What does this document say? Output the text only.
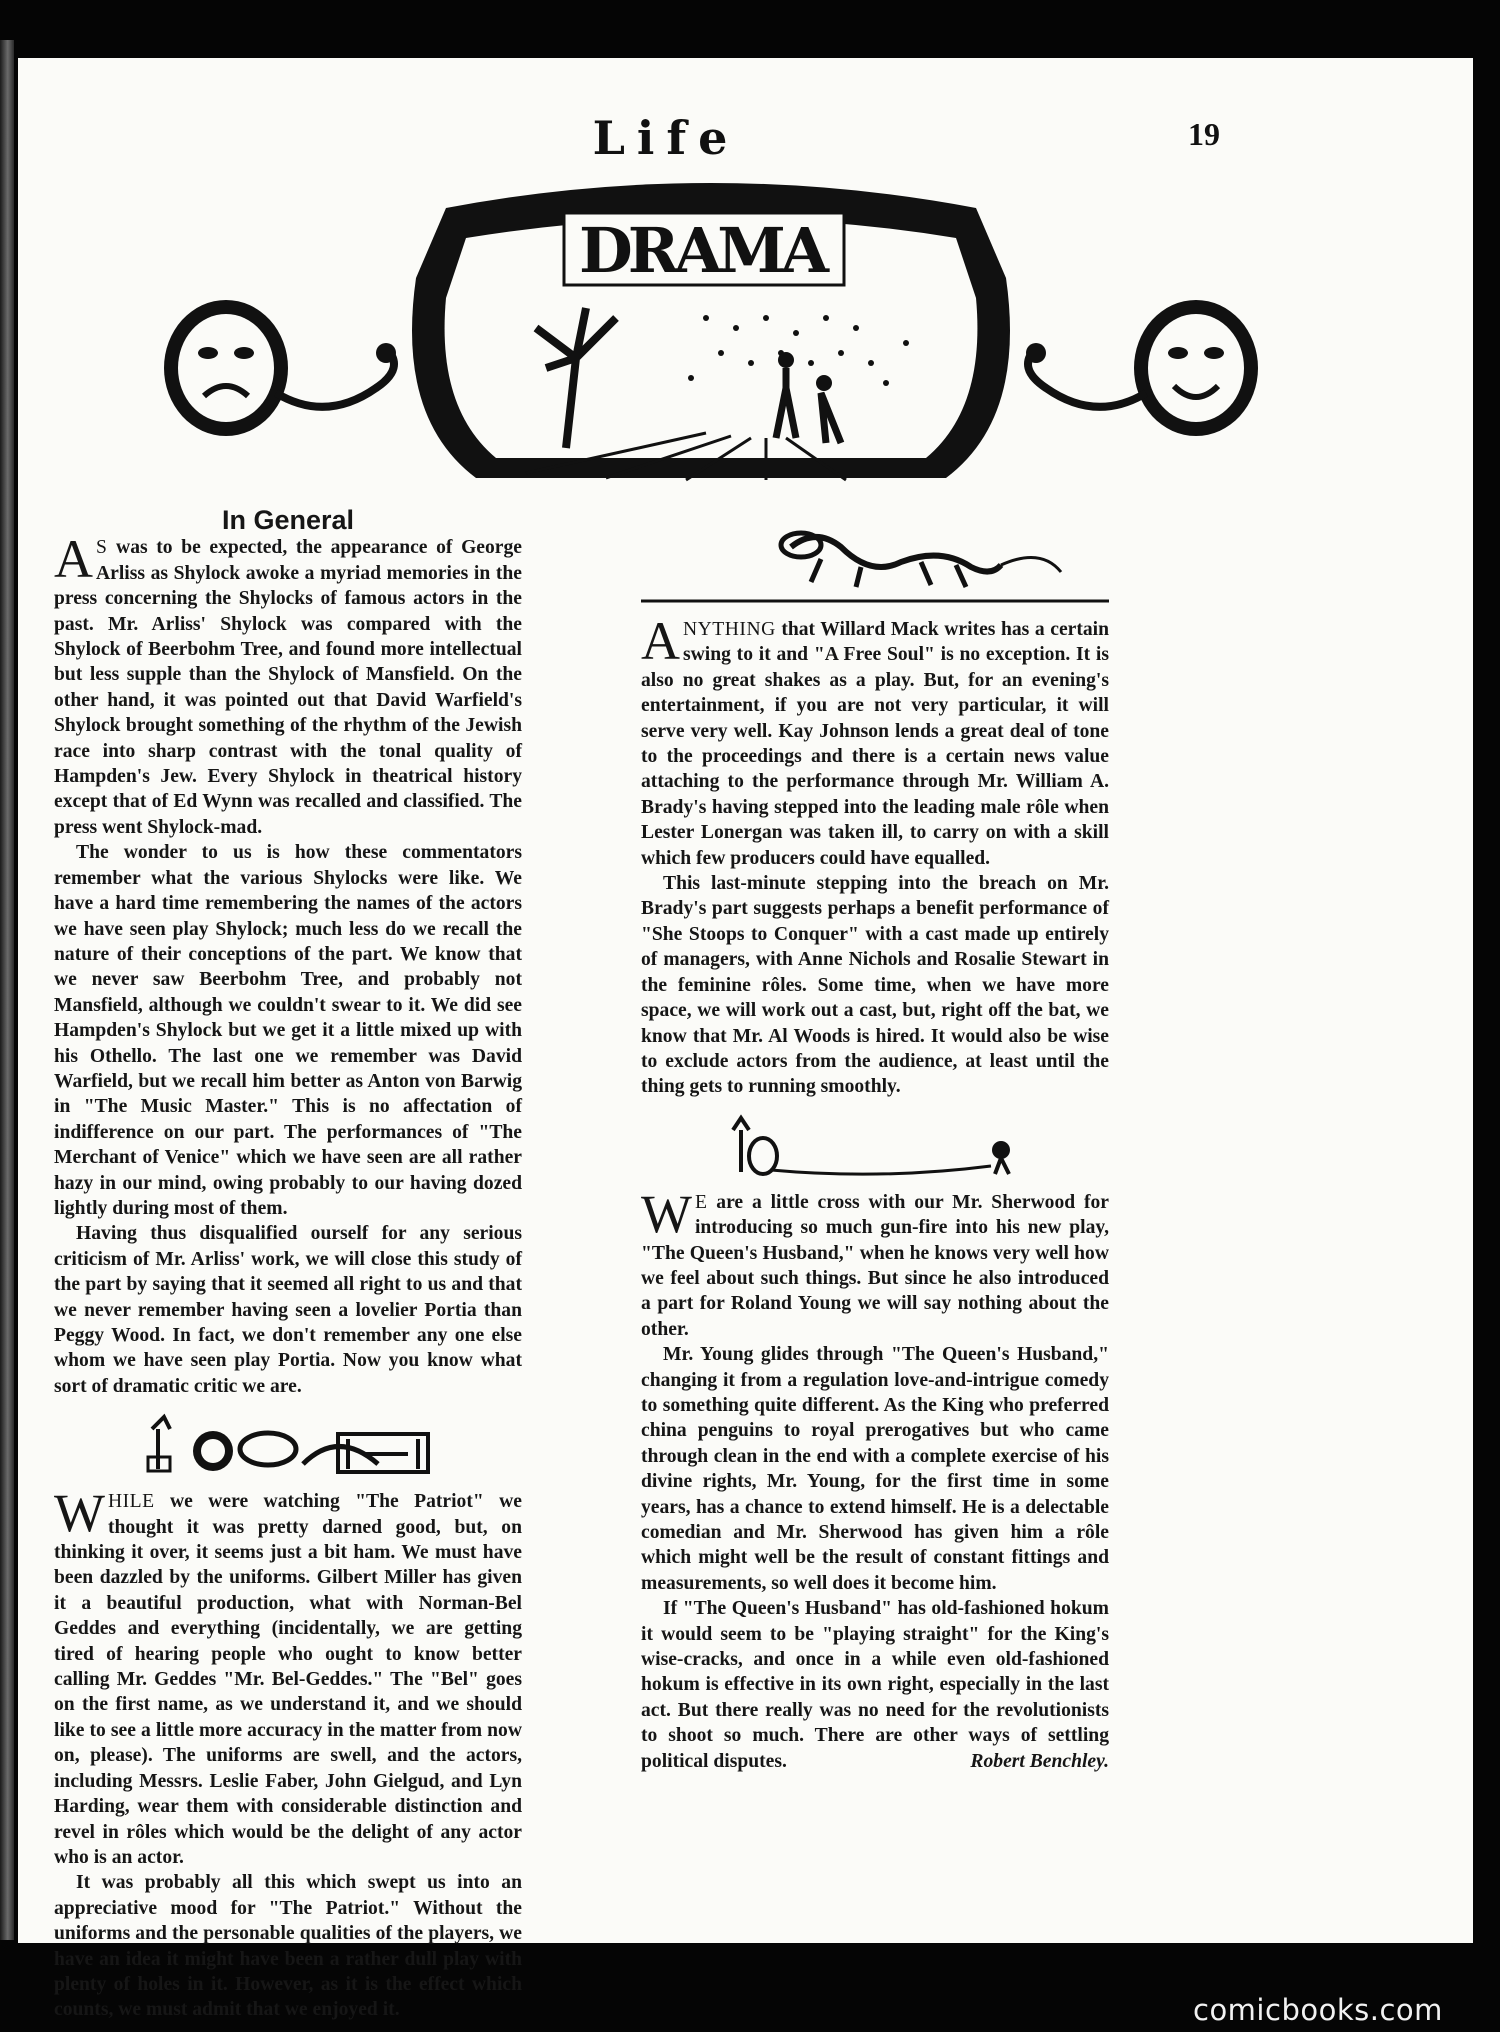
Life	19
DRAMA
In General

A S was to be expected, the appearance of George Arliss as Shylock awoke a myriad memories in the press concerning the Shylocks of famous actors in the past. Mr. Arliss' Shylock was compared with the Shylock of Beerbohm Tree, and found more intellectual but less supple than the Shylock of Mansfield. On the other hand, it was pointed out that David Warfield's Shylock brought something of the rhythm of the Jewish race into sharp contrast with the tonal quality of Hampden's Jew. Every Shylock in theatrical history except that of Ed Wynn was recalled and classified. The press went Shylock-mad.

The wonder to us is how these commentators remember what the various Shylocks were like. We have a hard time remembering the names of the actors we have seen play Shylock; much less do we recall the nature of their conceptions of the part. We know that we never saw Beerbohm Tree, and probably not Mansfield, although we couldn't swear to it. We did see Hampden's Shylock but we get it a little mixed up with his Othello. The last one we remember was David Warfield, but we recall him better as Anton von Barwig in "The Music Master." This is no affectation of indifference on our part. The performances of "The Merchant of Venice" which we have seen are all rather hazy in our mind, owing probably to our having dozed lightly during most of them.

Having thus disqualified ourself for any serious criticism of Mr. Arliss' work, we will close this study of the part by saying that it seemed all right to us and that we never remember having seen a lovelier Portia than Peggy Wood. In fact, we don't remember any one else whom we have seen play Portia. Now you know what sort of dramatic critic we are.

WHILE we were watching "The Patriot" we thought it was pretty darned good, but, on thinking it over, it seems just a bit ham. We must have been dazzled by the uniforms. Gilbert Miller has given it a beautiful production, what with Norman-Bel Geddes and everything (incidentally, we are getting tired of hearing people who ought to know better calling Mr. Geddes "Mr. Bel-Geddes." The "Bel" goes on the first name, as we understand it, and we should like to see a little more accuracy in the matter from now on, please). The uniforms are swell, and the actors, including Messrs. Leslie Faber, John Gielgud, and Lyn Harding, wear them with considerable distinction and revel in rôles which would be the delight of any actor who is an actor.

It was probably all this which swept us into an appreciative mood for "The Patriot." Without the uniforms and the personable qualities of the players, we have an idea it might have been a rather dull play with plenty of holes in it. However, as it is the effect which counts, we must admit that we enjoyed it.

ANYTHING that Willard Mack writes has a certain swing to it and "A Free Soul" is no exception. It is also no great shakes as a play. But, for an evening's entertainment, if you are not very particular, it will serve very well. Kay Johnson lends a great deal of tone to the proceedings and there is a certain news value attaching to the performance through Mr. William A. Brady's having stepped into the leading male rôle when Lester Lonergan was taken ill, to carry on with a skill which few producers could have equalled.

This last-minute stepping into the breach on Mr. Brady's part suggests perhaps a benefit performance of "She Stoops to Conquer" with a cast made up entirely of managers, with Anne Nichols and Rosalie Stewart in the feminine rôles. Some time, when we have more space, we will work out a cast, but, right off the bat, we know that Mr. Al Woods is hired. It would also be wise to exclude actors from the audience, at least until the thing gets to running smoothly.

W E are a little cross with our Mr. Sherwood for introducing so much gun-fire into his new play, "The Queen's Husband," when he knows very well how we feel about such things. But since he also introduced a part for Roland Young we will say nothing about the other.

Mr. Young glides through "The Queen's Husband," changing it from a regulation love-and-intrigue comedy to something quite different. As the King who preferred china penguins to royal prerogatives but who came through clean in the end with a complete exercise of his divine rights, Mr. Young, for the first time in some years, has a chance to extend himself. He is a delectable comedian and Mr. Sherwood has given him a rôle which might well be the result of constant fittings and measurements, so well does it become him.

If "The Queen's Husband" has old-fashioned hokum it would seem to be "playing straight" for the King's wise-cracks, and once in a while even old-fashioned hokum is effective in its own right, especially in the last act. But there really was no need for the revolutionists to shoot so much. There are other ways of settling political disputes.	Robert Benchley.

comicbooks.com
